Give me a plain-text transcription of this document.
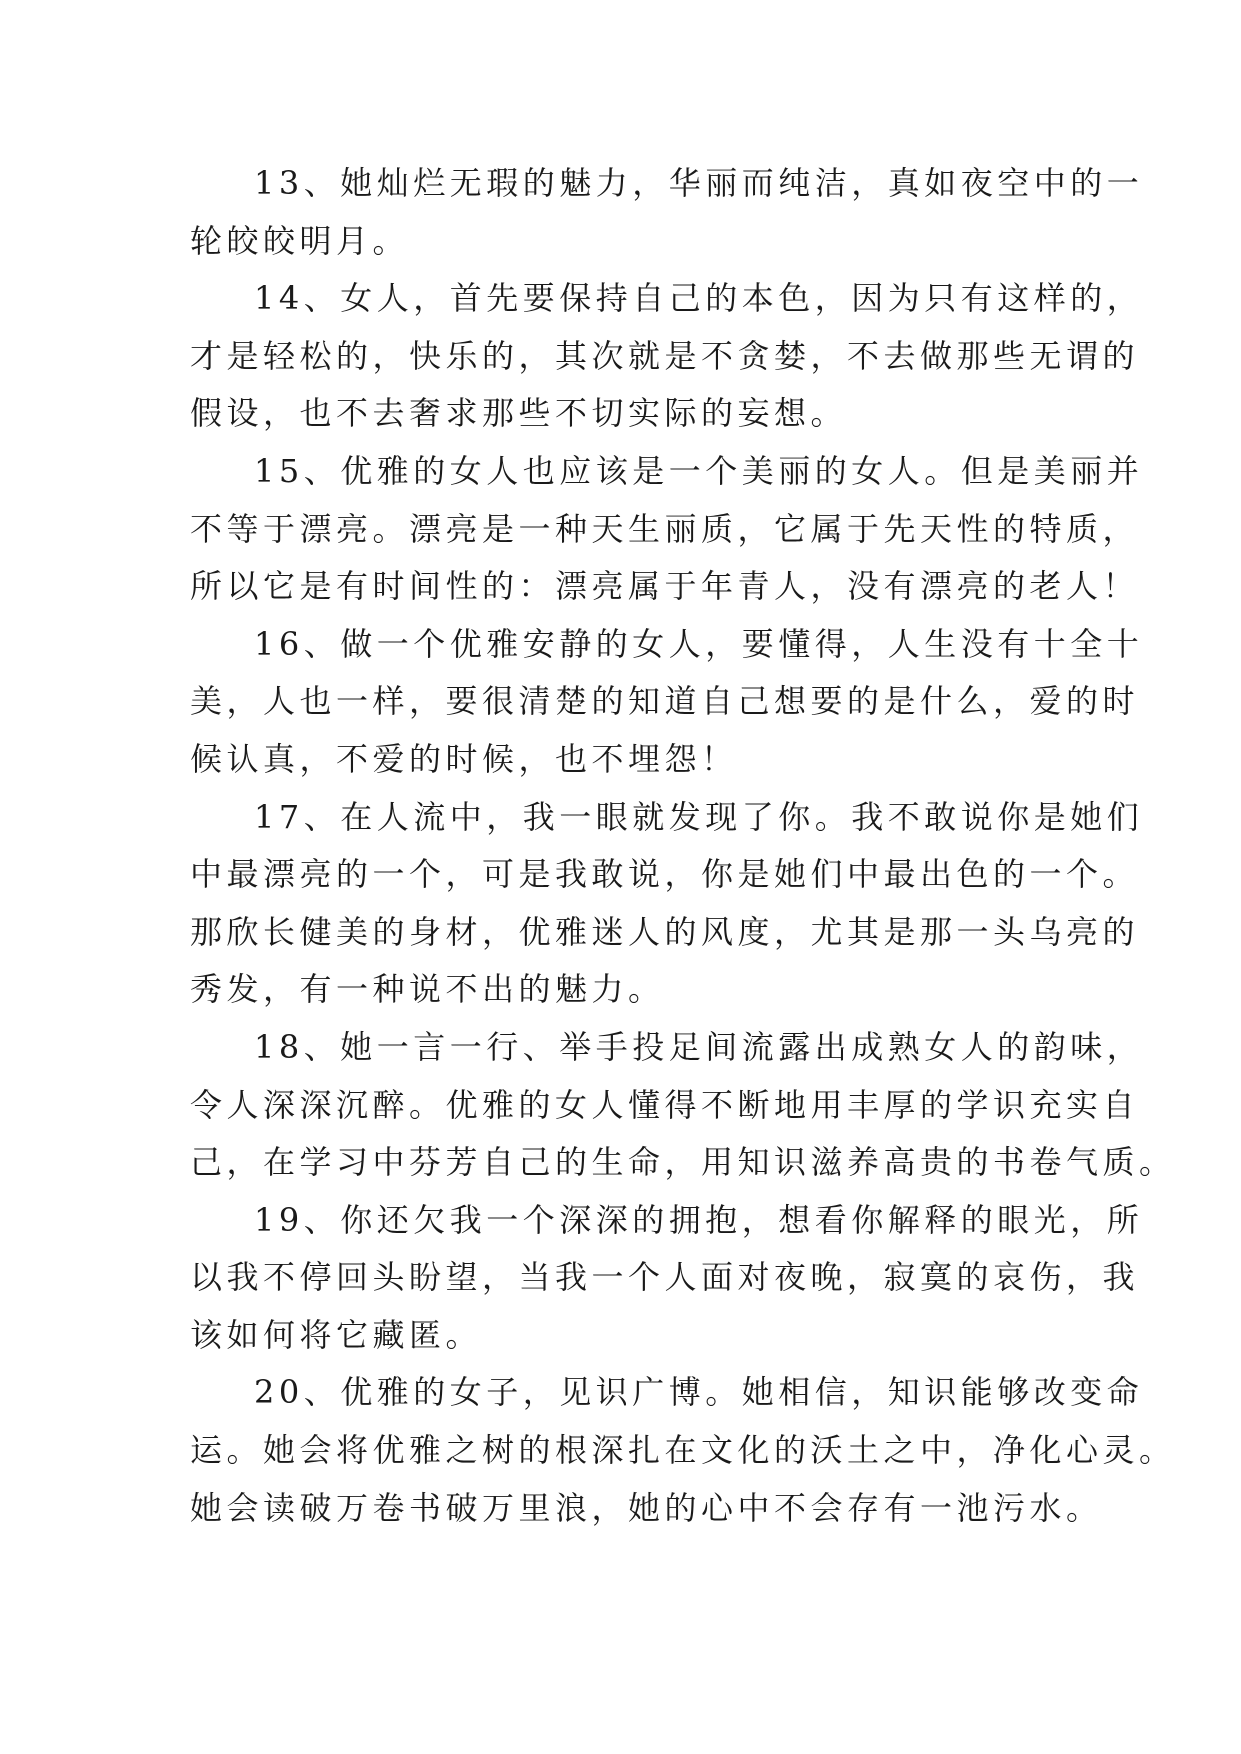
13、她灿烂无瑕的魅力，华丽而纯洁，真如夜空中的一
轮皎皎明月。

14、女人，首先要保持自己的本色，因为只有这样的，
才是轻松的，快乐的，其次就是不贪婪，不去做那些无谓的
假设，也不去奢求那些不切实际的妄想。

15、优雅的女人也应该是一个美丽的女人。但是美丽并
不等于漂亮。漂亮是一种天生丽质，它属于先天性的特质，
所以它是有时间性的：漂亮属于年青人，没有漂亮的老人！

16、做一个优雅安静的女人，要懂得，人生没有十全十
美，人也一样，要很清楚的知道自己想要的是什么，爱的时
候认真，不爱的时候，也不埋怨！

17、在人流中，我一眼就发现了你。我不敢说你是她们
中最漂亮的一个，可是我敢说，你是她们中最出色的一个。
那欣长健美的身材，优雅迷人的风度，尤其是那一头乌亮的
秀发，有一种说不出的魅力。

18、她一言一行、举手投足间流露出成熟女人的韵味，
令人深深沉醉。优雅的女人懂得不断地用丰厚的学识充实自
己，在学习中芬芳自己的生命，用知识滋养高贵的书卷气质。

19、你还欠我一个深深的拥抱，想看你解释的眼光，所
以我不停回头盼望，当我一个人面对夜晚，寂寞的哀伤，我
该如何将它藏匿。

20、优雅的女子，见识广博。她相信，知识能够改变命
运。她会将优雅之树的根深扎在文化的沃土之中，净化心灵。
她会读破万卷书破万里浪，她的心中不会存有一池污水。
